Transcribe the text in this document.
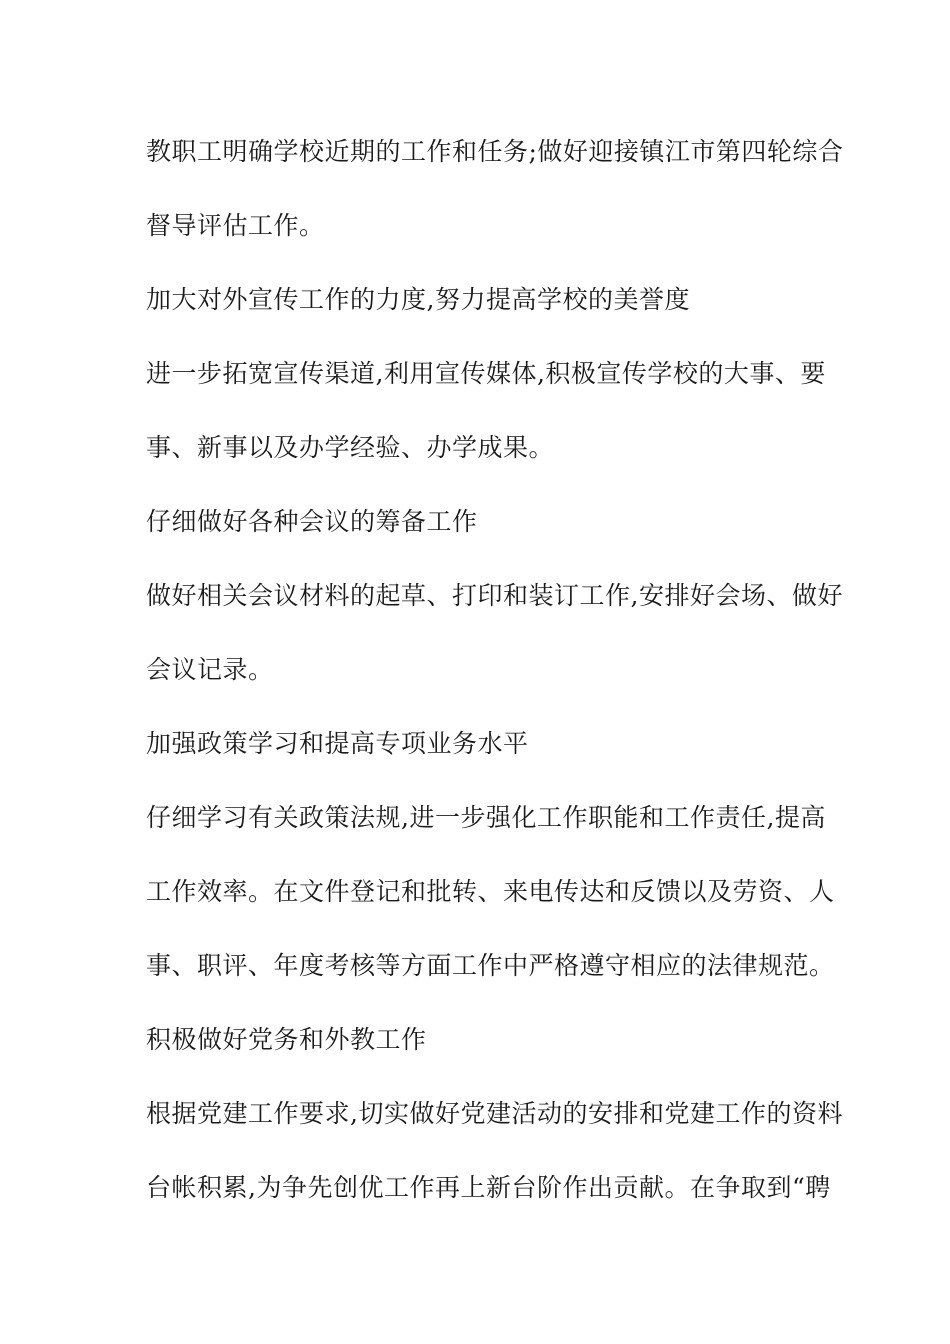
教职工明确学校近期的工作和任务;做好迎接镇江市第四轮综合
督导评估工作。
加大对外宣传工作的力度,努力提高学校的美誉度
进一步拓宽宣传渠道,利用宣传媒体,积极宣传学校的大事、要
事、新事以及办学经验、办学成果。
仔细做好各种会议的筹备工作
做好相关会议材料的起草、打印和装订工作,安排好会场、做好
会议记录。
加强政策学习和提高专项业务水平
仔细学习有关政策法规,进一步强化工作职能和工作责任,提高
工作效率。在文件登记和批转、来电传达和反馈以及劳资、人
事、职评、年度考核等方面工作中严格遵守相应的法律规范。
积极做好党务和外教工作
根据党建工作要求,切实做好党建活动的安排和党建工作的资料
台帐积累,为争先创优工作再上新台阶作出贡献。在争取到“聘
